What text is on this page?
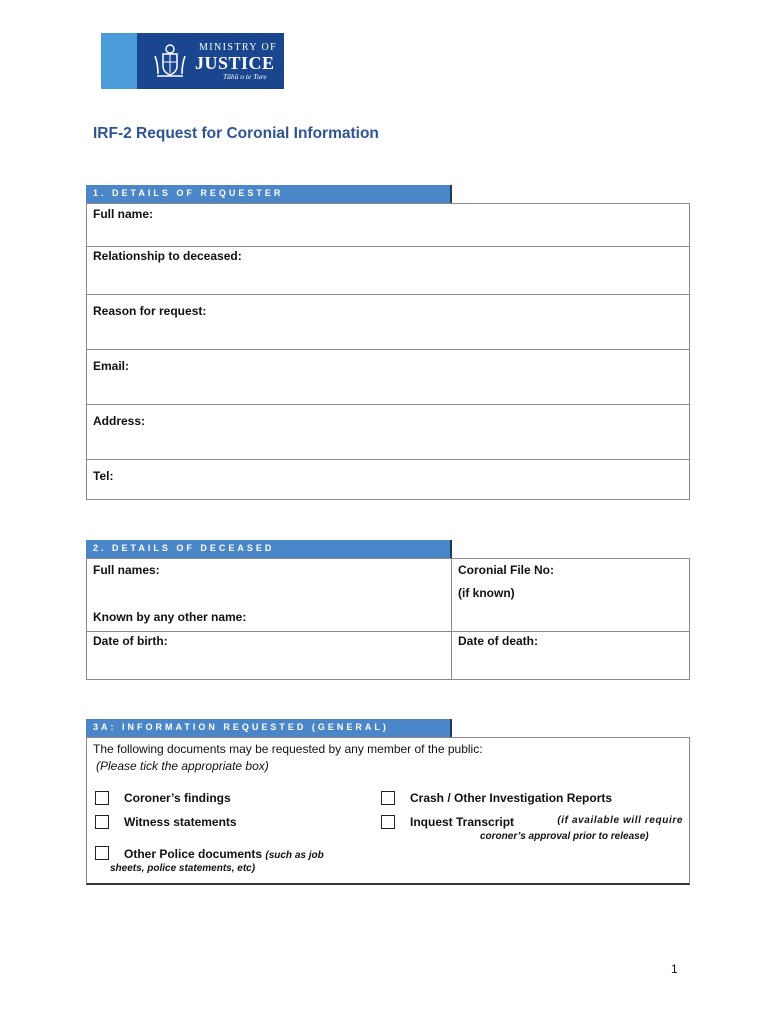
MINISTRY OF
JUSTICE
Tāhū o te Ture
IRF-2 Request for Coronial Information
1. DETAILS OF REQUESTER
Full name:
Relationship to deceased:
Reason for request:
Email:
Address:
Tel:
2. DETAILS OF DECEASED
Full names:
Known by any other name:
Coronial File No:
(if known)
Date of birth:	Date of death:
3A: INFORMATION REQUESTED (GENERAL)
The following documents may be requested by any member of the public:
(Please tick the appropriate box)
Coroner’s findings
Witness statements
Other Police documents (such as job
sheets, police statements, etc)
Crash / Other Investigation Reports
Inquest Transcript	(if available will require
coroner’s approval prior to release)
1
